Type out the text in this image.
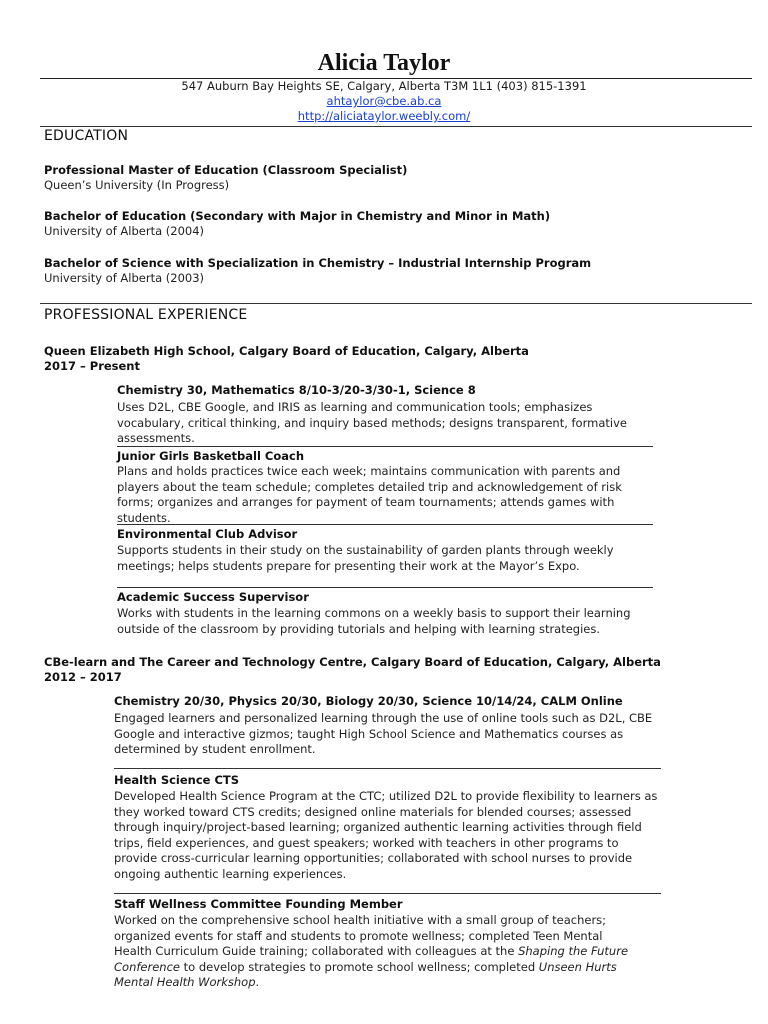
Alicia Taylor
547 Auburn Bay Heights SE, Calgary, Alberta T3M 1L1 (403) 815-1391
ahtaylor@cbe.ab.ca
http://aliciataylor.weebly.com/
EDUCATION
Professional Master of Education (Classroom Specialist)
Queen’s University (In Progress)
Bachelor of Education (Secondary with Major in Chemistry and Minor in Math)
University of Alberta (2004)
Bachelor of Science with Specialization in Chemistry – Industrial Internship Program
University of Alberta (2003)
PROFESSIONAL EXPERIENCE
Queen Elizabeth High School, Calgary Board of Education, Calgary, Alberta
2017 – Present
Chemistry 30, Mathematics 8/10-3/20-3/30-1, Science 8
Uses D2L, CBE Google, and IRIS as learning and communication tools; emphasizes vocabulary, critical thinking, and inquiry based methods; designs transparent, formative assessments.
Junior Girls Basketball Coach
Plans and holds practices twice each week; maintains communication with parents and players about the team schedule; completes detailed trip and acknowledgement of risk forms; organizes and arranges for payment of team tournaments; attends games with students.
Environmental Club Advisor
Supports students in their study on the sustainability of garden plants through weekly meetings; helps students prepare for presenting their work at the Mayor’s Expo.
Academic Success Supervisor
Works with students in the learning commons on a weekly basis to support their learning outside of the classroom by providing tutorials and helping with learning strategies.
CBe-learn and The Career and Technology Centre, Calgary Board of Education, Calgary, Alberta
2012 – 2017
Chemistry 20/30, Physics 20/30, Biology 20/30, Science 10/14/24, CALM Online
Engaged learners and personalized learning through the use of online tools such as D2L, CBE Google and interactive gizmos; taught High School Science and Mathematics courses as determined by student enrollment.
Health Science CTS
Developed Health Science Program at the CTC; utilized D2L to provide flexibility to learners as they worked toward CTS credits; designed online materials for blended courses; assessed through inquiry/project-based learning; organized authentic learning activities through field trips, field experiences, and guest speakers; worked with teachers in other programs to provide cross-curricular learning opportunities; collaborated with school nurses to provide ongoing authentic learning experiences.
Staff Wellness Committee Founding Member
Worked on the comprehensive school health initiative with a small group of teachers; organized events for staff and students to promote wellness; completed Teen Mental Health Curriculum Guide training; collaborated with colleagues at the Shaping the Future Conference to develop strategies to promote school wellness; completed Unseen Hurts Mental Health Workshop.
